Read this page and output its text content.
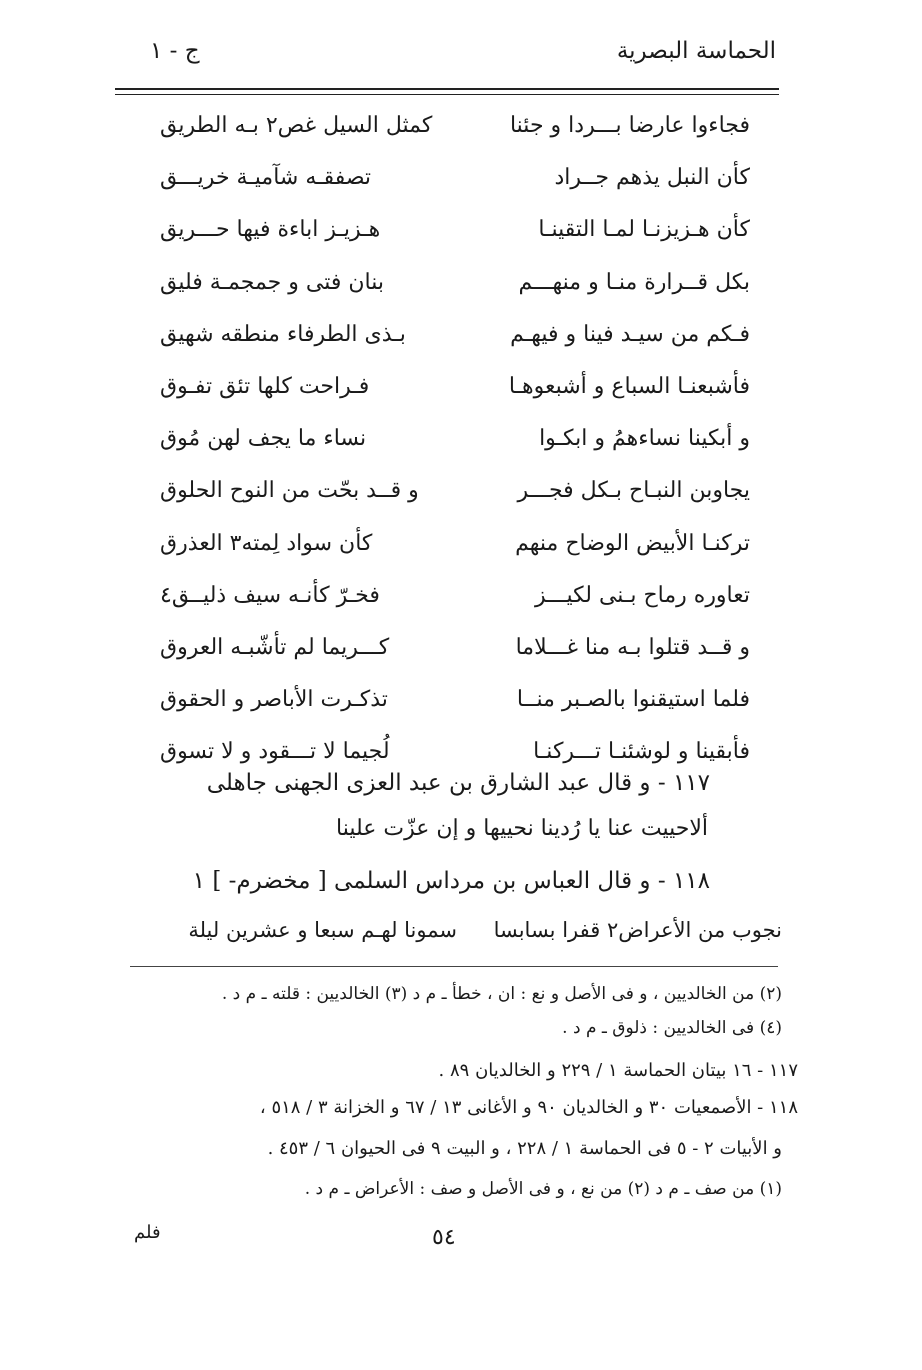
الحماسة البصرية
ج - ١
فجاءوا عارضا بـــردا و جئنا
كمثل السيل غص٢ بـه الطريق
كأن النبل يذهم جــراد
تصفقـه شآميـة خريـــق
كأن هـزيزنـا لمـا التقينـا
هـزيـز اباءة فيها حـــريق
بكل قــرارة منـا و منهـــم
بنان فتى و جمجمـة فليق
فـكم من سيـد فينا و فيهـم
بـذى الطرفاء منطقه شهيق
فأشبعنـا السباع و أشبعوهـا
فـراحت كلها تئق تفـوق
و أبكينا نساءهمُ و ابكـوا
نساء ما يجف لهن مُوق
يجاوبن النبـاح بـكل فجـــر
و قــد بحّت من النوح الحلوق
تركنـا الأبيض الوضاح منهم
كأن سواد لِمته٣ العذرق
تعاوره رماح بـنى لكيـــز
فخـرّ كأنـه سيف ذليــق٤
و قــد قتلوا بـه منا غـــلاما
كـــريما لم تأشّبـه العروق
فلما استيقنوا بالصـبر منــا
تذكـرت الأباصر و الحقوق
فأبقينا و لوشئنـا تـــركنـا
لُجيما لا تـــقود و لا تسوق
١١٧ - و قال عبد الشارق بن عبد العزى الجهنى جاهلى
ألاحييت عنا يا رُدينا نحييها و إن عزّت علينا
١١٨ - و قال العباس بن مرداس السلمى [ مخضرم- ] ١
سمونا لهـم سبعا و عشرين ليلة نجوب من الأعراض٢ قفرا بسابسا
(٢) من الخالديين ، و فى الأصل و نع : ان ، خطأ ـ م د (٣) الخالديين : قلته ـ م د .
(٤) فى الخالديين : ذلوق ـ م د .
١١٧ - ١٦ بيتان الحماسة ١ / ٢٢٩ و الخالديان ٨٩ .
١١٨ - الأصمعيات ٣٠ و الخالديان ٩٠ و الأغانى ١٣ / ٦٧ و الخزانة ٣ / ٥١٨ ،
و الأبيات ٢ - ٥ فى الحماسة ١ / ٢٢٨ ، و البيت ٩ فى الحيوان ٦ / ٤٥٣ .
(١) من صف ـ م د (٢) من نع ، و فى الأصل و صف : الأعراض ـ م د .
٥٤
فلم
